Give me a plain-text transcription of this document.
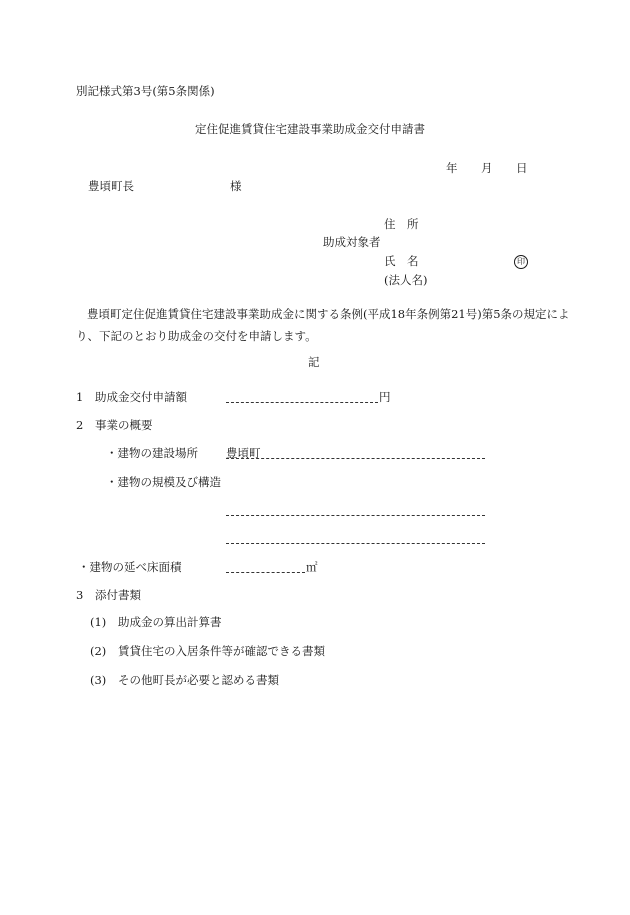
別記様式第3号(第5条関係)
定住促進賃貸住宅建設事業助成金交付申請書
年 月 日
豊頃町長	様
住　所
助成対象者
氏　名	印
(法人名)
豊頃町定住促進賃貸住宅建設事業助成金に関する条例(平成18年条例第21号)第5条の規定により、下記のとおり助成金の交付を申請します。
記
1 助成金交付申請額	円
2 事業の概要
・建物の建設場所 豊頃町
・建物の規模及び構造
・建物の延べ床面積	㎡
3 添付書類
(1) 助成金の算出計算書
(2) 賃貸住宅の入居条件等が確認できる書類
(3) その他町長が必要と認める書類
